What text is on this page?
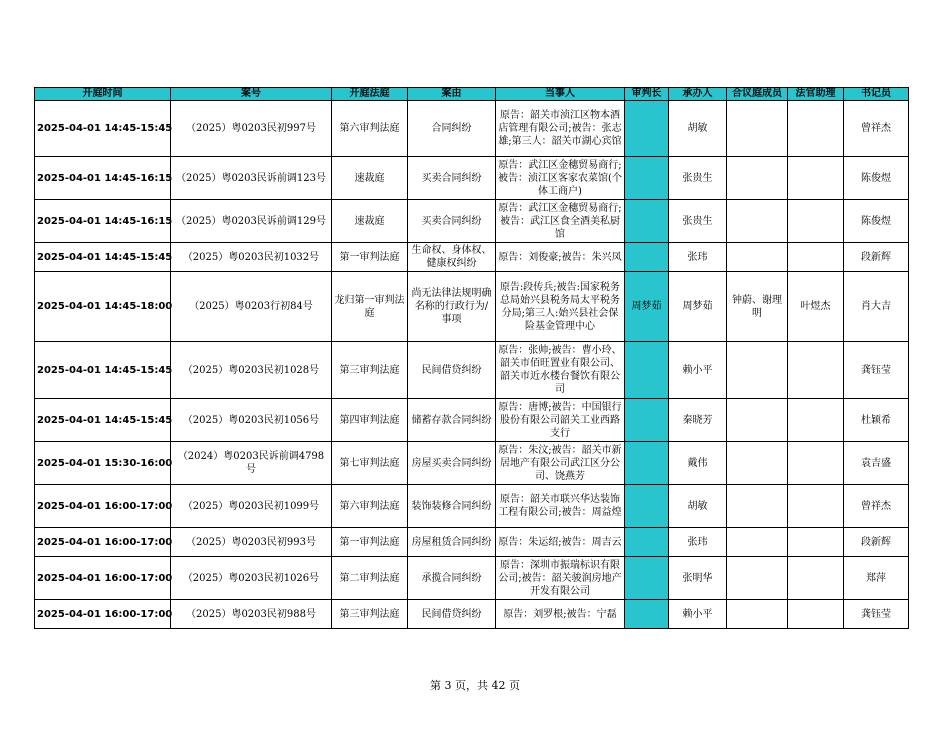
开庭时间	案号	开庭法庭	案由	当事人	审判长	承办人	合议庭成员	法官助理	书记员
2025-04-01 14:45-15:45	（2025）粤0203民初997号	第六审判法庭	合同纠纷	原告：韶关市浈江区物本酒店管理有限公司;被告：张志雄;第三人：韶关市湖心宾馆		胡敏			曾祥杰
2025-04-01 14:45-16:15	（2025）粤0203民诉前调123号	速裁庭	买卖合同纠纷	原告：武江区金穗贸易商行;被告：浈江区客家农菜馆(个体工商户)		张贵生			陈俊煜
2025-04-01 14:45-16:15	（2025）粤0203民诉前调129号	速裁庭	买卖合同纠纷	原告：武江区金穗贸易商行;被告：武江区食全酒美私厨馆		张贵生			陈俊煜
2025-04-01 14:45-15:45	（2025）粤0203民初1032号	第一审判法庭	生命权、身体权、健康权纠纷	原告：刘俊豪;被告：朱兴凤		张玮			段新辉
2025-04-01 14:45-18:00	（2025）粤0203行初84号	龙归第一审判法庭	尚无法律法规明确名称的行政行为/事项	原告:段传兵;被告:国家税务总局始兴县税务局太平税务分局;第三人:始兴县社会保险基金管理中心	周梦茹	周梦茹	钟蔚、谢理明	叶煜杰	肖大吉
2025-04-01 14:45-15:45	（2025）粤0203民初1028号	第三审判法庭	民间借贷纠纷	原告：张帅;被告：曹小玲、韶关市佰旺置业有限公司、韶关市近水楼台餐饮有限公司		赖小平			龚钰莹
2025-04-01 14:45-15:45	（2025）粤0203民初1056号	第四审判法庭	储蓄存款合同纠纷	原告：唐博;被告：中国银行股份有限公司韶关工业西路支行		秦晓芳			杜颖希
2025-04-01 15:30-16:00	（2024）粤0203民诉前调4798号	第七审判法庭	房屋买卖合同纠纷	原告：朱汶;被告：韶关市新居地产有限公司武江区分公司、饶燕芳		戴伟			袁吉盛
2025-04-01 16:00-17:00	（2025）粤0203民初1099号	第六审判法庭	装饰装修合同纠纷	原告：韶关市联兴华达装饰工程有限公司;被告：周益煌		胡敏			曾祥杰
2025-04-01 16:00-17:00	（2025）粤0203民初993号	第一审判法庭	房屋租赁合同纠纷	原告：朱运绍;被告：周吉云		张玮			段新辉
2025-04-01 16:00-17:00	（2025）粤0203民初1026号	第二审判法庭	承揽合同纠纷	原告：深圳市振瑞标识有限公司;被告：韶关骏润房地产开发有限公司		张明华			郑萍
2025-04-01 16:00-17:00	（2025）粤0203民初988号	第三审判法庭	民间借贷纠纷	原告：刘罗根;被告：宁磊		赖小平			龚钰莹
第 3 页，共 42 页
